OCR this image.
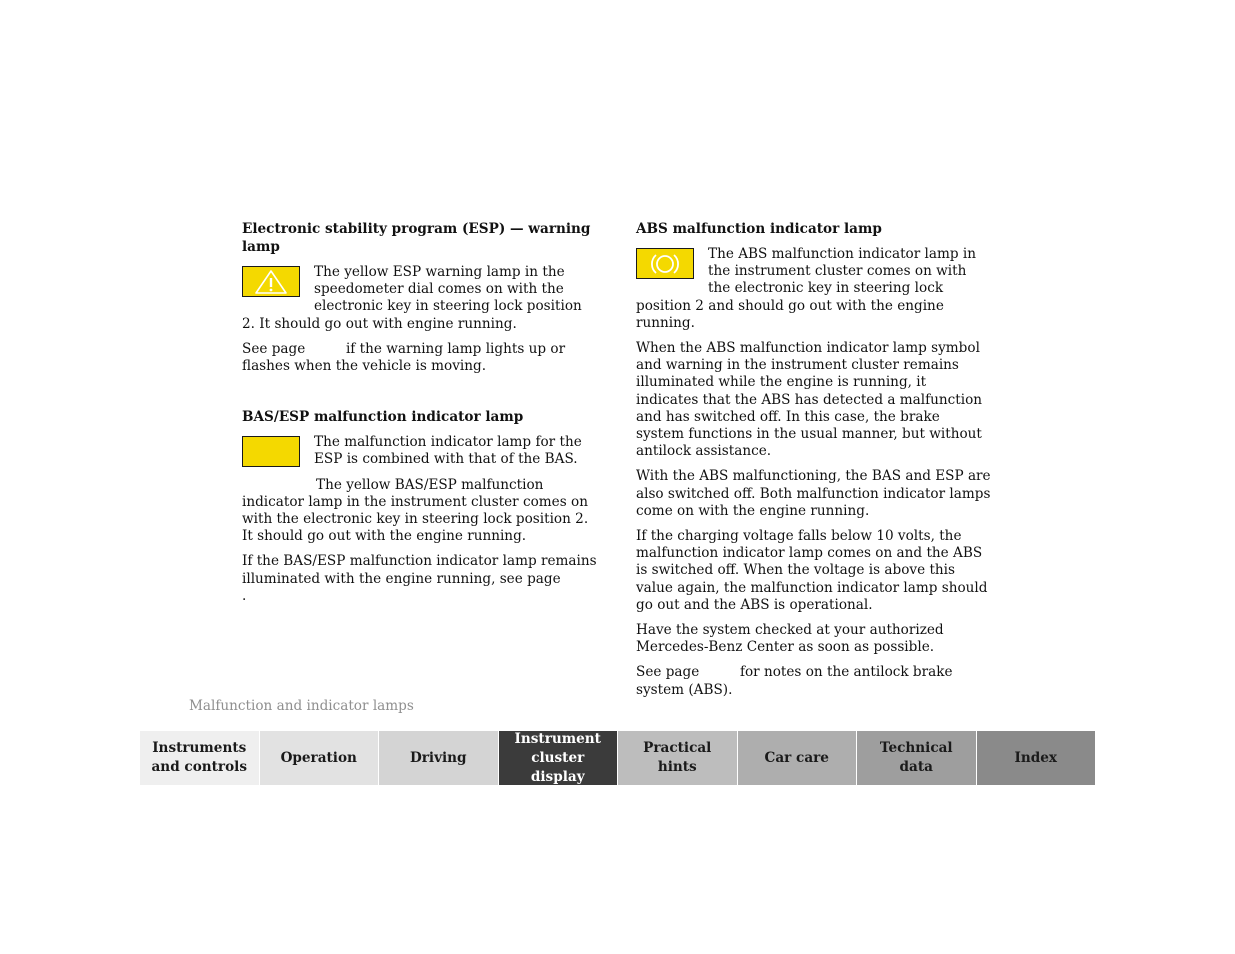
Electronic stability program (ESP) — warning lamp

The yellow ESP warning lamp in the speedometer dial comes on with the electronic key in steering lock position 2. It should go out with engine running.

See page	if the warning lamp lights up or flashes when the vehicle is moving.

BAS/ESP malfunction indicator lamp

The malfunction indicator lamp for the ESP is combined with that of the BAS.

The yellow BAS/ESP malfunction indicator lamp in the instrument cluster comes on with the electronic key in steering lock position 2. It should go out with the engine running.

If the BAS/ESP malfunction indicator lamp remains illuminated with the engine running, see page .

ABS malfunction indicator lamp

The ABS malfunction indicator lamp in the instrument cluster comes on with the electronic key in steering lock position 2 and should go out with the engine running.

When the ABS malfunction indicator lamp symbol and warning in the instrument cluster remains illuminated while the engine is running, it indicates that the ABS has detected a malfunction and has switched off. In this case, the brake system functions in the usual manner, but without antilock assistance.

With the ABS malfunctioning, the BAS and ESP are also switched off. Both malfunction indicator lamps come on with the engine running.

If the charging voltage falls below 10 volts, the malfunction indicator lamp comes on and the ABS is switched off. When the voltage is above this value again, the malfunction indicator lamp should go out and the ABS is operational.

Have the system checked at your authorized Mercedes-Benz Center as soon as possible.

See page	for notes on the antilock brake system (ABS).

Malfunction and indicator lamps
Instruments
and controls
Operation	Driving
Instrument
cluster display
Practical hints
Car care
Technical
data
Index
